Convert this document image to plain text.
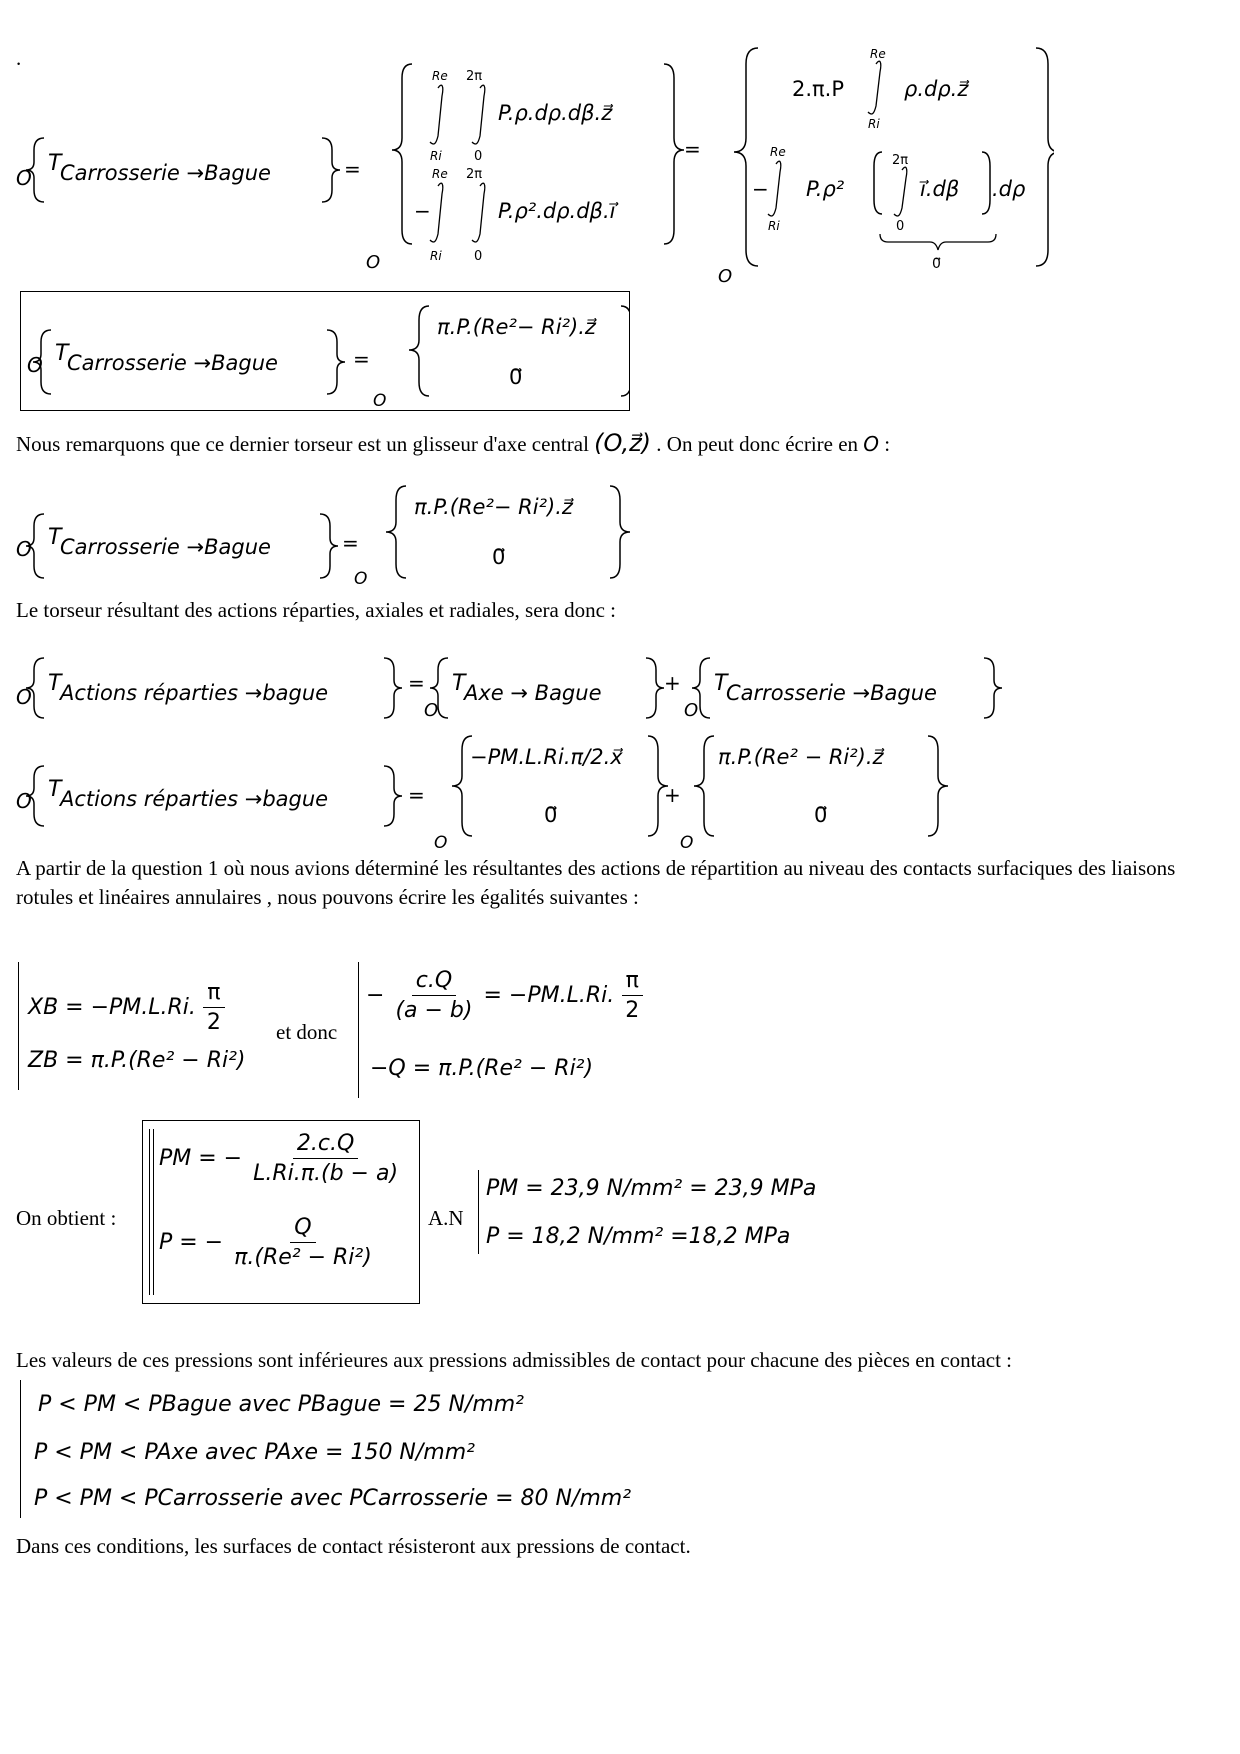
.
O
T
Carrosserie →Bague	=
Re
Ri
2π
0
P.ρ.dρ.dβ.z⃗
−
Re
Ri
2π
0
P.ρ².dρ.dβ.i⃗
O
=
2.π.P
Re
Ri
ρ.dρ.z⃗
−
Re
Ri
P.ρ²
2π
0
i⃗.dβ .dρ
0⃗
O
O T
Carrosserie →Bague	=
π.P.(Re²− Ri²).z⃗
0⃗
O
Nous remarquons que ce dernier torseur est un glisseur d'axe central (O,z⃗) . On peut donc écrire en O :
O T
Carrosserie →Bague	=
π.P.(Re²− Ri²).z⃗
0⃗
O
Le torseur résultant des actions réparties, axiales et radiales, sera donc :
O
T
Actions réparties →bague	=
O
T
Axe → Bague	+
O
T
Carrosserie →Bague
O T
Actions réparties →bague	=
−PM.L.Ri.π/2.x⃗
0⃗
O
+
π.P.(Re² − Ri²).z⃗
0⃗
O
A partir de la question 1 où nous avions déterminé les résultantes des actions de répartition au niveau des contacts surfaciques des liaisons rotules et linéaires annulaires , nous pouvons écrire les égalités suivantes :
XB = −PM.L.Ri. $\frac{\pi}{2}$
ZB = π.P.(Re² − Ri²)
et donc
− $\frac{c.Q}{(a - b)} = -PM.L.Ri$. $\frac{\pi}{2}$
−Q = π.P.(Re² − Ri²)
On obtient :
PM = − $\frac{2.c.Q}{L.Ri.\pi.(b - a)}$
P = − $\frac{Q}{\text{π.(Re² − Ri²)}} A.N$
PM = 23,9 N/mm² = 23,9 MPa
P = 18,2 N/mm² =18,2 MPa
Les valeurs de ces pressions sont inférieures aux pressions admissibles de contact pour chacune des pièces en contact :
P < PM < PBague avec PBague = 25 N/mm²
P < PM < PAxe avec PAxe = 150 N/mm²
P < PM < PCarrosserie avec PCarrosserie = 80 N/mm²
Dans ces conditions, les surfaces de contact résisteront aux pressions de contact.
